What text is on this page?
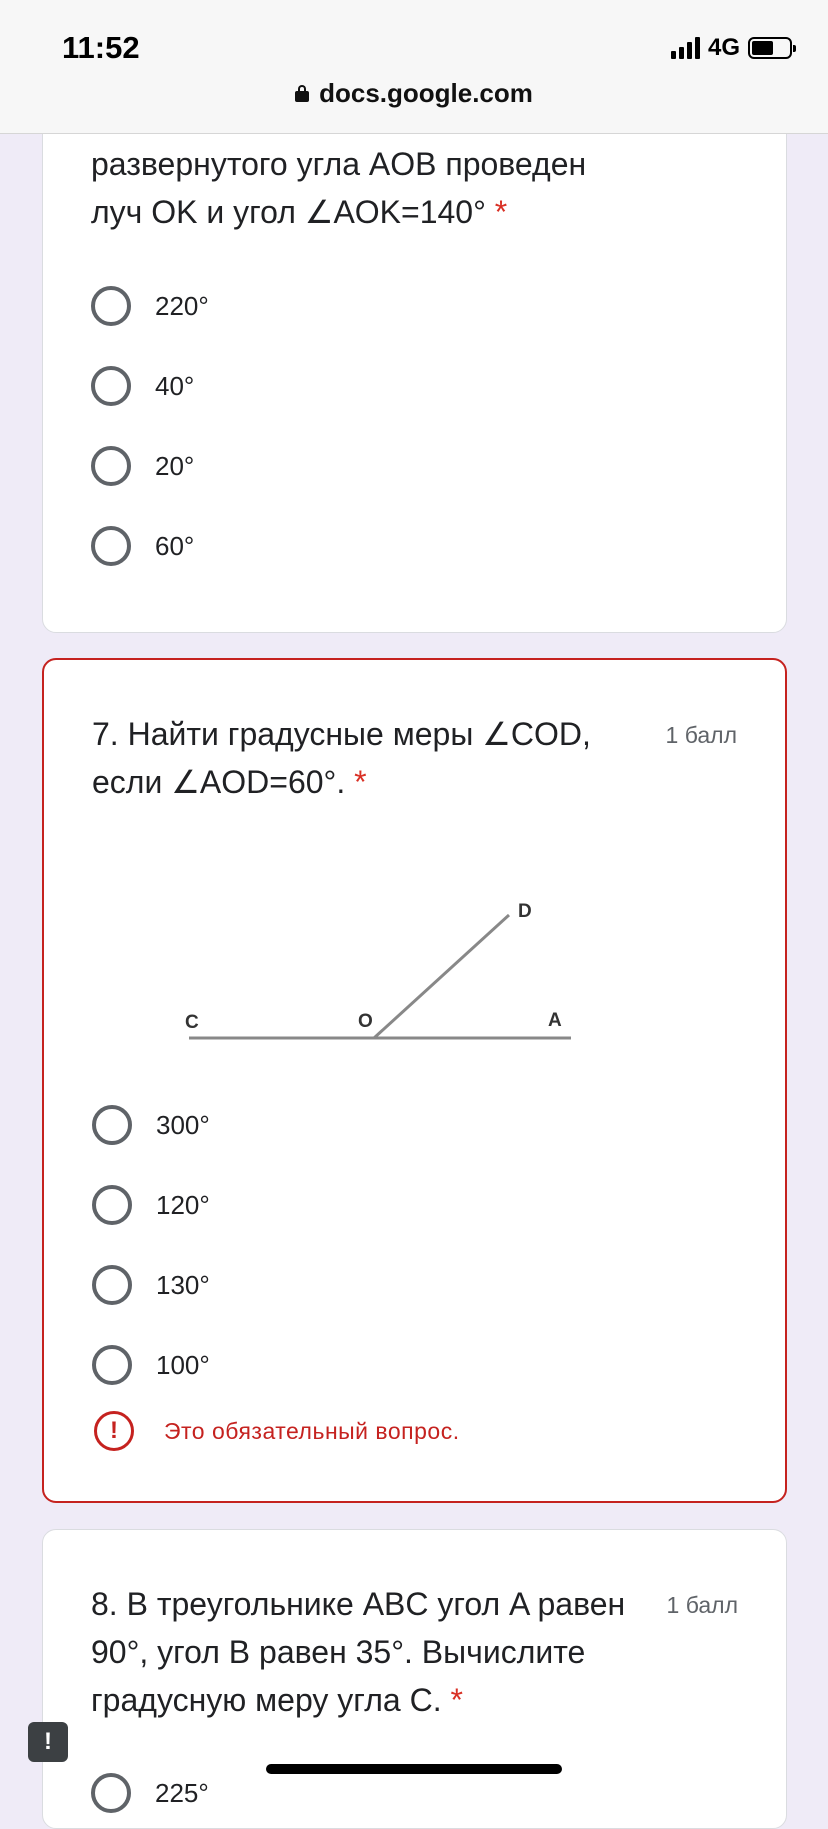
11:52	4G
docs.google.com
развернутого угла AOB проведен
луч OK и угол ∠AOK=140° *
220°
40°
20°
60°
7. Найти градусные меры ∠COD,
если ∠AOD=60°. *
1 балл
D
C	O	A
300°
120°
130°
100°
!	Это обязательный вопрос.
8. В треугольнике ABC угол A равен
90°, угол B равен 35°. Вычислите
градусную меру угла C. *
1 балл
225°
!
